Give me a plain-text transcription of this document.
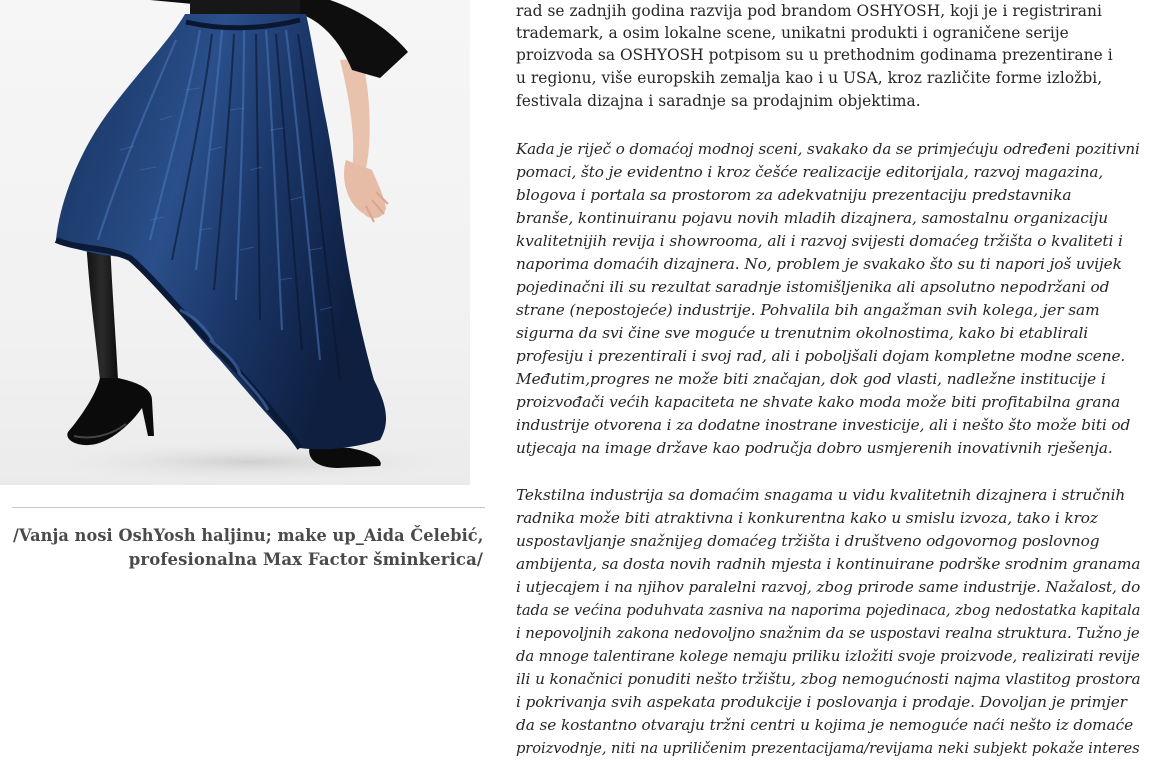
/Vanja nosi OshYosh haljinu; make up_Aida Čelebić,
profesionalna Max Factor šminkerica/
rad se zadnjih godina razvija pod brandom OSHYOSH, koji je i registrirani
trademark, a osim lokalne scene, unikatni produkti i ograničene serije
proizvoda sa OSHYOSH potpisom su u prethodnim godinama prezentirane i
u regionu, više europskih zemalja kao i u USA, kroz različite forme izložbi,
festivala dizajna i saradnje sa prodajnim objektima.
Kada je riječ o domaćoj modnoj sceni, svakako da se primjećuju određeni pozitivni
pomaci, što je evidentno i kroz češće realizacije editorijala, razvoj magazina,
blogova i portala sa prostorom za adekvatniju prezentaciju predstavnika
branše, kontinuiranu pojavu novih mladih dizajnera, samostalnu organizaciju
kvalitetnijih revija i showrooma, ali i razvoj svijesti domaćeg tržišta o kvaliteti i
naporima domaćih dizajnera. No, problem je svakako što su ti napori još uvijek
pojedinačni ili su rezultat saradnje istomišljenika ali apsolutno nepodržani od
strane (nepostojeće) industrije. Pohvalila bih angažman svih kolega, jer sam
sigurna da svi čine sve moguće u trenutnim okolnostima, kako bi etablirali
profesiju i prezentirali i svoj rad, ali i poboljšali dojam kompletne modne scene.
Međutim,progres ne može biti značajan, dok god vlasti, nadležne institucije i
proizvođači većih kapaciteta ne shvate kako moda može biti profitabilna grana
industrije otvorena i za dodatne inostrane investicije, ali i nešto što može biti od
utjecaja na image države kao područja dobro usmjerenih inovativnih rješenja.
Tekstilna industrija sa domaćim snagama u vidu kvalitetnih dizajnera i stručnih
radnika može biti atraktivna i konkurentna kako u smislu izvoza, tako i kroz
uspostavljanje snažnijeg domaćeg tržišta i društveno odgovornog poslovnog
ambijenta, sa dosta novih radnih mjesta i kontinuirane podrške srodnim granama
i utjecajem i na njihov paralelni razvoj, zbog prirode same industrije. Nažalost, do
tada se većina poduhvata zasniva na naporima pojedinaca, zbog nedostatka kapitala
i nepovoljnih zakona nedovoljno snažnim da se uspostavi realna struktura. Tužno je
da mnoge talentirane kolege nemaju priliku izložiti svoje proizvode, realizirati revije
ili u konačnici ponuditi nešto tržištu, zbog nemogućnosti najma vlastitog prostora
i pokrivanja svih aspekata produkcije i poslovanja i prodaje. Dovoljan je primjer
da se kostantno otvaraju tržni centri u kojima je nemoguće naći nešto iz domaće
proizvodnje, niti na upriličenim prezentacijama/revijama neki subjekt pokaže interes
